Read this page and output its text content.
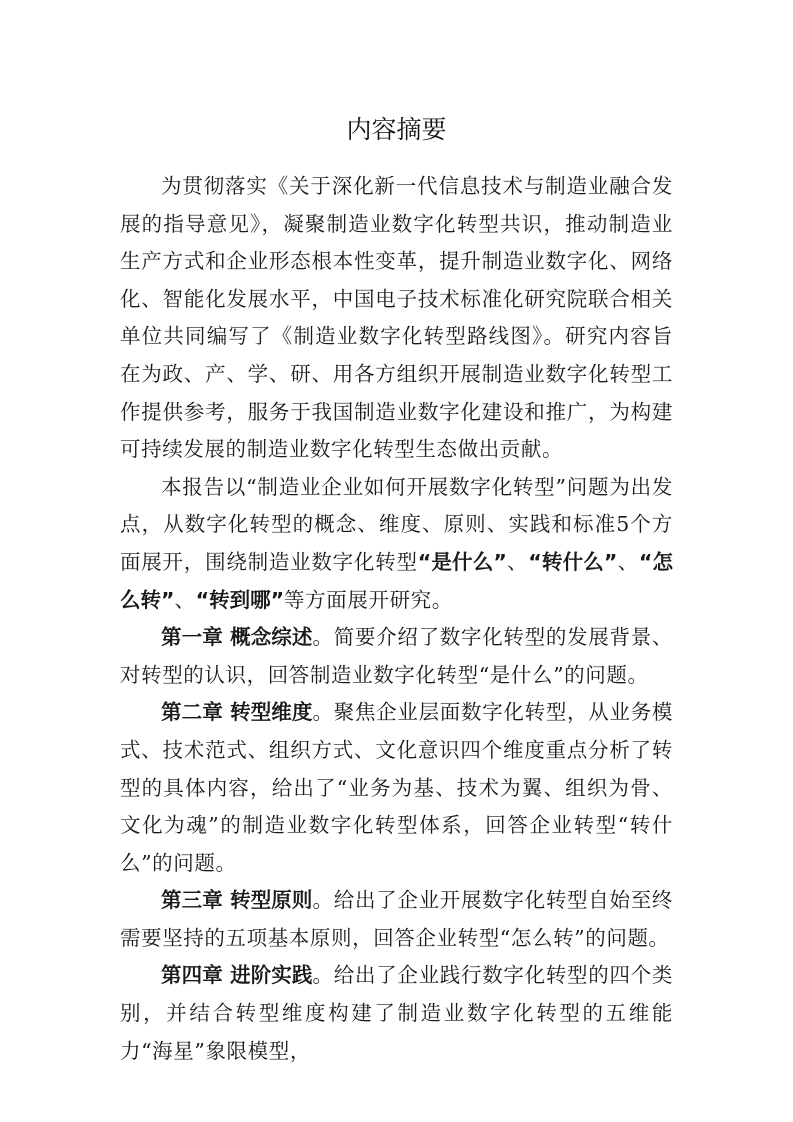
内容摘要

为贯彻落实《关于深化新一代信息技术与制造业融合发展的指导意见》，凝聚制造业数字化转型共识，推动制造业生产方式和企业形态根本性变革，提升制造业数字化、网络化、智能化发展水平，中国电子技术标准化研究院联合相关单位共同编写了《制造业数字化转型路线图》。研究内容旨在为政、产、学、研、用各方组织开展制造业数字化转型工作提供参考，服务于我国制造业数字化建设和推广，为构建可持续发展的制造业数字化转型生态做出贡献。

本报告以“制造业企业如何开展数字化转型”问题为出发点，从数字化转型的概念、维度、原则、实践和标准5个方面展开，围绕制造业数字化转型“是什么”、“转什么”、“怎么转”、“转到哪”等方面展开研究。

第一章 概念综述。简要介绍了数字化转型的发展背景、对转型的认识，回答制造业数字化转型“是什么”的问题。

第二章 转型维度。聚焦企业层面数字化转型，从业务模式、技术范式、组织方式、文化意识四个维度重点分析了转型的具体内容，给出了“业务为基、技术为翼、组织为骨、文化为魂”的制造业数字化转型体系，回答企业转型“转什么”的问题。

第三章 转型原则。给出了企业开展数字化转型自始至终需要坚持的五项基本原则，回答企业转型“怎么转”的问题。

第四章 进阶实践。给出了企业践行数字化转型的四个类别，并结合转型维度构建了制造业数字化转型的五维能力“海星”象限模型，
